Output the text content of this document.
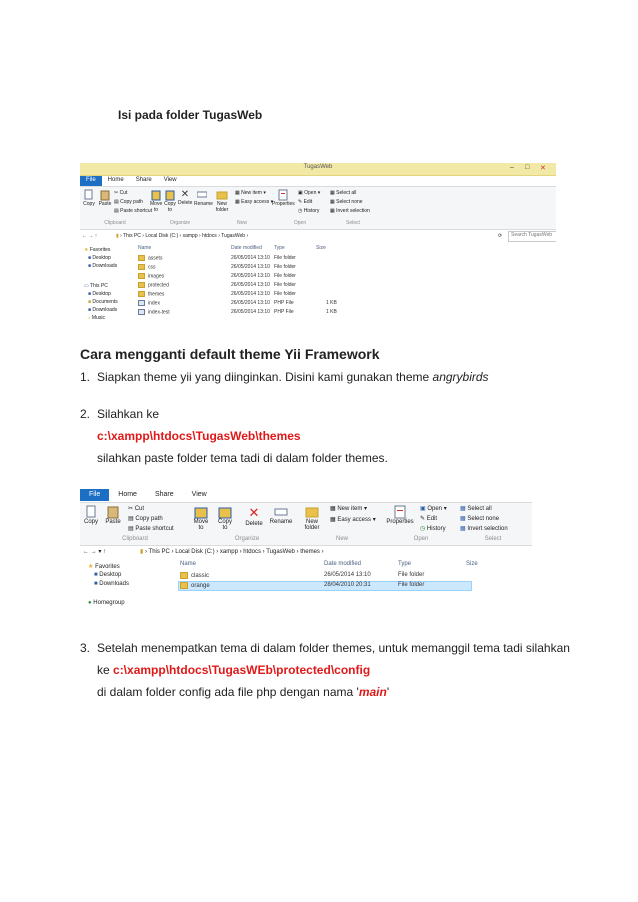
Isi pada folder TugasWeb
TugasWeb	– □ ✕
File Home Share View
Copy Paste
✂ Cut
▤ Copy path
▤ Paste shortcut
Move to
Copy to
✕
Delete Rename New folder
▦ New item ▾
▦ Easy access ▾
Properties
▣ Open ▾
✎ Edit
◷ History
▦ Select all
▦ Select none
▦ Invert selection
Clipboard	Organize	New	Open	Select
← → ↑	▮ › This PC › Local Disk (C:) › xampp › htdocs › TugasWeb ›	⟳	Search TugasWeb
★ Favorites
■ Desktop
■ Downloads
▭ This PC
■ Desktop
■ Documents
■ Downloads
♪ Music
Name	Date modified Type	Size
assets	26/05/2014 13:10 File folder
css	26/05/2014 13:10 File folder
images	26/05/2014 13:10 File folder
protected	26/05/2014 13:10 File folder
themes	26/05/2014 13:10 File folder
index	26/05/2014 13:10 PHP File	1 KB
index-test	26/05/2014 13:10 PHP File	1 KB
Cara mengganti default theme Yii Framework
1. Siapkan theme yii yang diinginkan. Disini kami gunakan theme angrybirds
2. Silahkan ke
c:\xampp\htdocs\TugasWeb\themes
silahkan paste folder tema tadi di dalam folder themes.
File	Home	Share	View
Copy	Paste
✂ Cut
▤ Copy path
▤ Paste shortcut
Move to
Copy to
✕
Delete	Rename	New folder
▦ New item ▾
▦ Easy access ▾	Properties
▣ Open ▾
✎ Edit
◷ History
▦ Select all
▦ Select none
▦ Invert selection
Clipboard	Organize	New	Open	Select
← → ▾ ↑	▮ › This PC › Local Disk (C:) › xampp › htdocs › TugasWeb › themes ›
★ Favorites
■ Desktop
■ Downloads
● Homegroup
Name	Date modified	Type	Size
classic	26/05/2014 13:10	File folder
orange	28/04/2010 20:31	File folder
3. Setelah menempatkan tema di dalam folder themes, untuk memanggil tema tadi silahkan
ke c:\xampp\htdocs\TugasWEb\protected\config
di dalam folder config ada file php dengan nama 'main'
